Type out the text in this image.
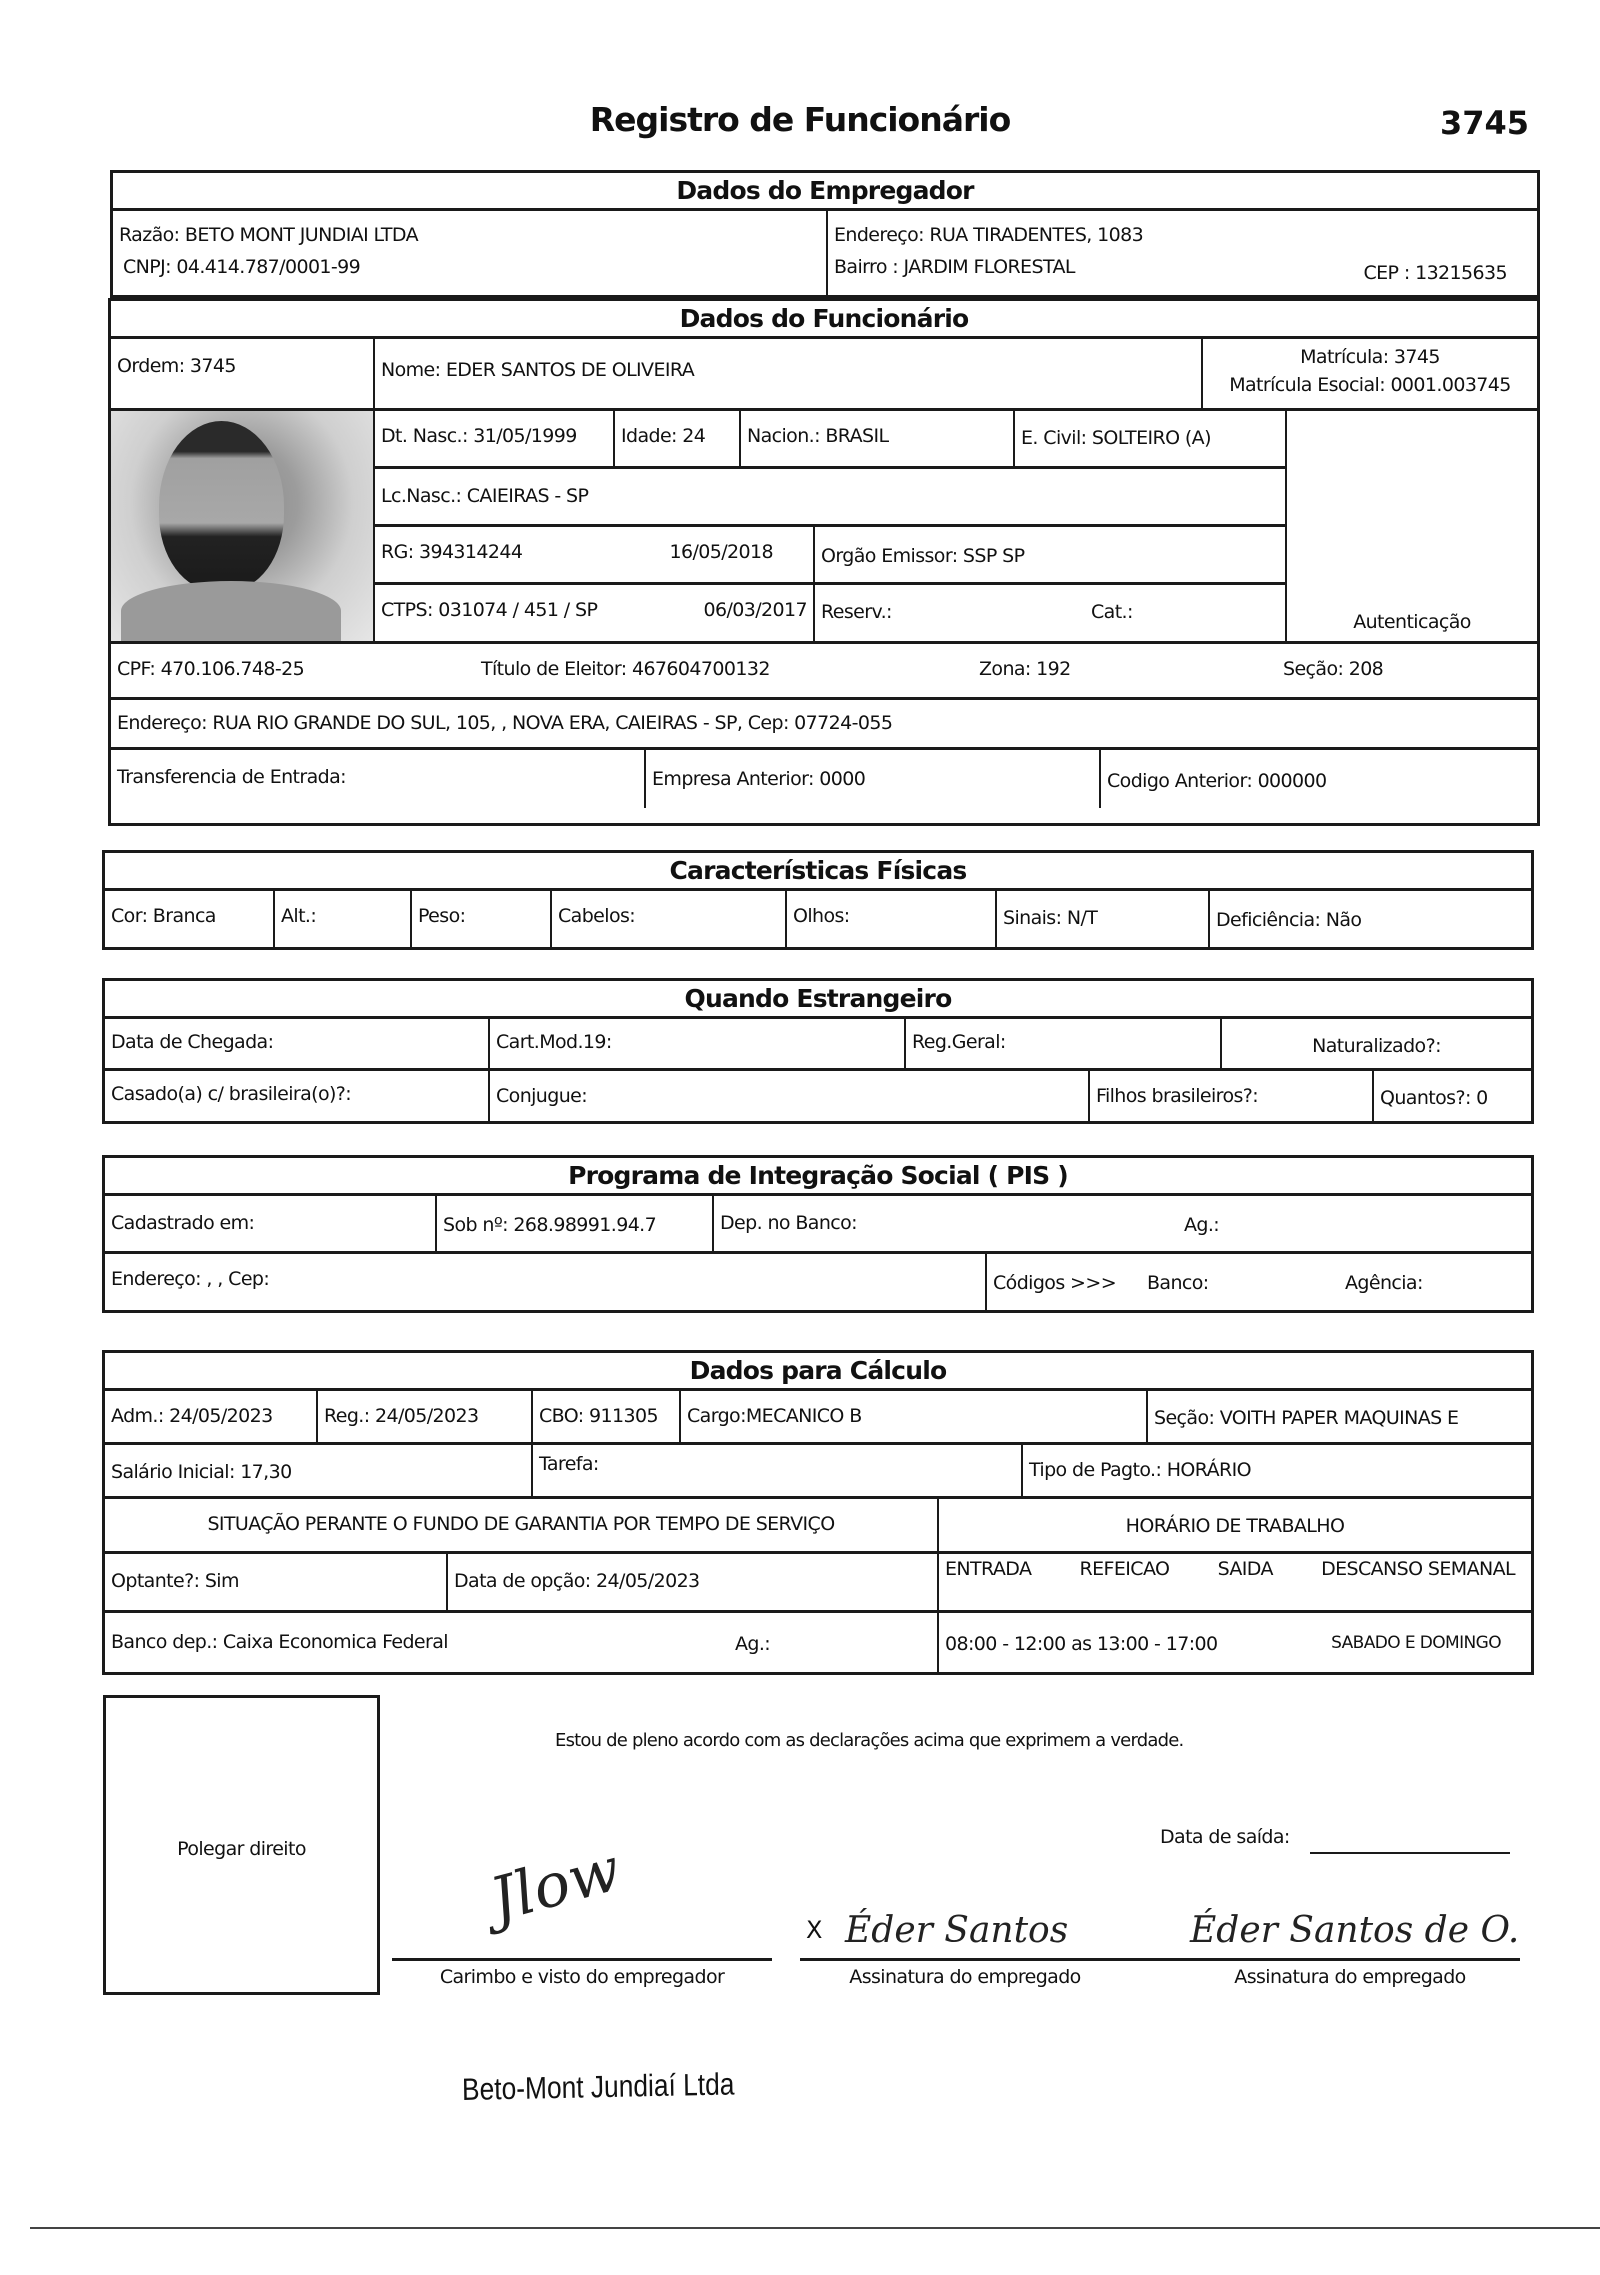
Registro de Funcionário	3745
Dados do Empregador
Razão: BETO MONT JUNDIAI LTDA
CNPJ: 04.414.787/0001-99
Endereço: RUA TIRADENTES, 1083
Bairro : JARDIM FLORESTAL	CEP : 13215635
Dados do Funcionário
Ordem: 3745	Nome: EDER SANTOS DE OLIVEIRA
Matrícula: 3745
Matrícula Esocial: 0001.003745
Dt. Nasc.: 31/05/1999	Idade: 24	Nacion.: BRASIL	E. Civil: SOLTEIRO (A)
Lc.Nasc.: CAIEIRAS - SP
RG: 394314244	16/05/2018	Orgão Emissor: SSP SP
CTPS: 031074 / 451 / SP	06/03/2017 Reserv.:	Cat.:	Autenticação
CPF: 470.106.748-25	Título de Eleitor: 467604700132	Zona: 192	Seção: 208
Endereço: RUA RIO GRANDE DO SUL, 105, , NOVA ERA, CAIEIRAS - SP, Cep: 07724-055
Transferencia de Entrada:	Empresa Anterior: 0000	Codigo Anterior: 000000
Características Físicas
Cor: Branca	Alt.:	Peso:	Cabelos:	Olhos:	Sinais: N/T	Deficiência: Não
Quando Estrangeiro
Data de Chegada:	Cart.Mod.19:	Reg.Geral:	Naturalizado?:
Casado(a) c/ brasileira(o)?:	Conjugue:	Filhos brasileiros?:	Quantos?: 0
Programa de Integração Social ( PIS )
Cadastrado em:	Sob nº: 268.98991.94.7	Dep. no Banco:	Ag.:
Endereço: , , Cep:	Códigos >>> Banco:	Agência:
Dados para Cálculo
Adm.: 24/05/2023	Reg.: 24/05/2023	CBO: 911305	Cargo:MECANICO B	Seção: VOITH PAPER MAQUINAS E
Salário Inicial: 17,30	Tarefa:	Tipo de Pagto.: HORÁRIO
SITUAÇÃO PERANTE O FUNDO DE GARANTIA POR TEMPO DE SERVIÇO	HORÁRIO DE TRABALHO
Optante?: Sim	Data de opção: 24/05/2023
ENTRADA	REFEICAO	SAIDA	DESCANSO SEMANAL
Banco dep.: Caixa Economica Federal	Ag.:	08:00 - 12:00 as 13:00 - 17:00	SABADO E DOMINGO
Polegar direito
Estou de pleno acordo com as declarações acima que exprimem a verdade.
Data de saída:
Jlow
Carimbo e visto do empregador
X Éder Santos
Assinatura do empregado
Éder Santos de O.
Assinatura do empregado
Beto-Mont Jundiaí Ltda
